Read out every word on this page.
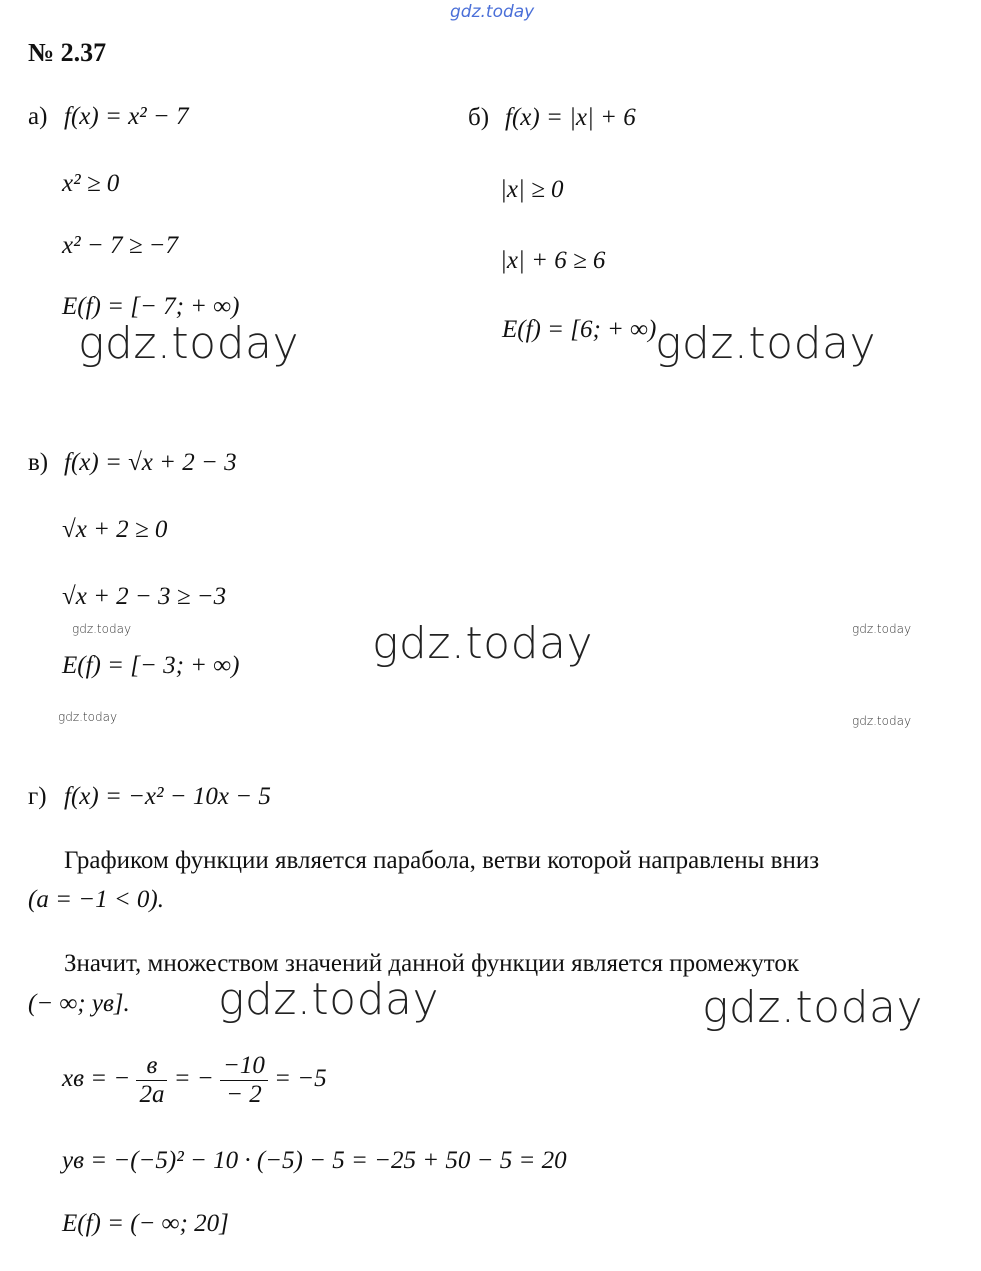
gdz.today
№ 2.37
а) f(x) = x² − 7
x² ≥ 0
x² − 7 ≥ −7
E(f) = [− 7; + ∞)
gdz.today
б) f(x) = |x| + 6
|x| ≥ 0
|x| + 6 ≥ 6
E(f) = [6; + ∞)
gdz.today
в) f(x) = √x + 2 − 3
√x + 2 ≥ 0
√x + 2 − 3 ≥ −3
gdz.today	gdz.today	gdz.today
E(f) = [− 3; + ∞)
gdz.today	gdz.today
г) f(x) = −x² − 10x − 5
Графиком функции является парабола, ветви которой направлены вниз
(a = −1 < 0).
Значит, множеством значений данной функции является промежуток
(− ∞; yв]. gdz.today	gdz.today
xв = − $\frac{в}{2a}$ = − $\frac{-10}{- 2} = -5$
yв = −(−5)² − 10 · (−5) − 5 = −25 + 50 − 5 = 20
E(f) = (− ∞; 20]
